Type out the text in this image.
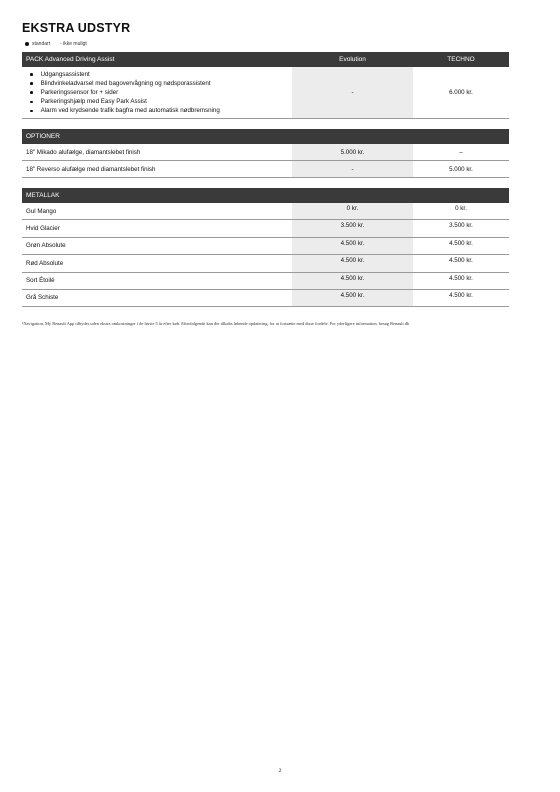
EKSTRA UDSTYR
standart - ikke muligt
PACK Advanced Driving Assist	Evolution	TECHNO
Udgangsassistent
Blindvinkeladvarsel med bagovervågning og nødsporassistent
Parkeringssensor for + sider
Parkeringshjælp med Easy Park Assist
Alarm ved krydsende trafik bagfra med automatisk nødbremsning
-	6.000 kr.
OPTIONER
18" Mikado alufælge, diamantslebet finish	5.000 kr.	–
18" Reverso alufælge med diamantslebet finish	-	5.000 kr.
METALLAK
Gul Mango	0 kr.	0 kr.
Hvid Glacier	3.500 kr.	3.500 kr.
Grøn Absolute	4.500 kr.	4.500 kr.
Rød Absolute	4.500 kr.	4.500 kr.
Sort Étoilé	4.500 kr.	4.500 kr.
Grå Schiste	4.500 kr.	4.500 kr.
¹Navigation, My Renault App tilbydes uden ekstra omkostninger i de første 5 år efter køb. Efterfølgende kan der tilkøbs løbende opdatering, for at fortsætte med disse fordele. For yderligere information, besøg Renault.dk
2
